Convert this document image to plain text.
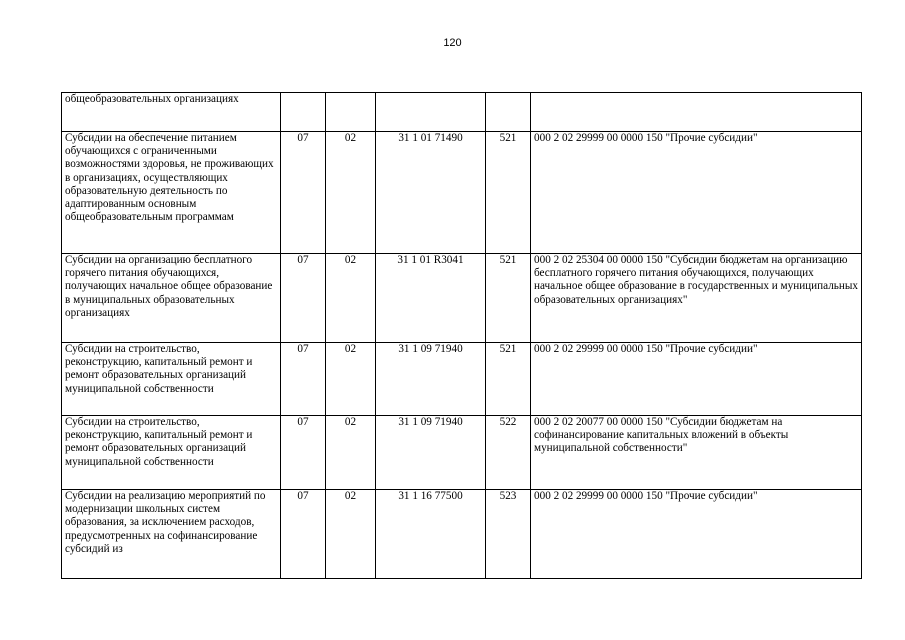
120
общеобразовательных организациях					
Субсидии на обеспечение питанием обучающихся с ограниченными возможностями здоровья, не проживающих в организациях, осуществляющих образовательную деятельность по адаптированным основным общеобразовательным программам	07	02	31 1 01 71490	521	000 2 02 29999 00 0000 150 "Прочие субсидии"
Субсидии на организацию бесплатного горячего питания обучающихся, получающих начальное общее образование в муниципальных образовательных организациях	07	02	31 1 01 R3041	521	000 2 02 25304 00 0000 150 "Субсидии бюджетам на организацию бесплатного горячего питания обучающихся, получающих начальное общее образование в государственных и муниципальных образовательных организациях"
Субсидии на строительство, реконструкцию, капитальный ремонт и ремонт образовательных организаций муниципальной собственности	07	02	31 1 09 71940	521	000 2 02 29999 00 0000 150 "Прочие субсидии"
Субсидии на строительство, реконструкцию, капитальный ремонт и ремонт образовательных организаций муниципальной собственности	07	02	31 1 09 71940	522	000 2 02 20077 00 0000 150 "Субсидии бюджетам на софинансирование капитальных вложений в объекты муниципальной собственности"
Субсидии на реализацию мероприятий по модернизации школьных систем образования, за исключением расходов, предусмотренных на софинансирование субсидий из	07	02	31 1 16 77500	523	000 2 02 29999 00 0000 150 "Прочие субсидии"
